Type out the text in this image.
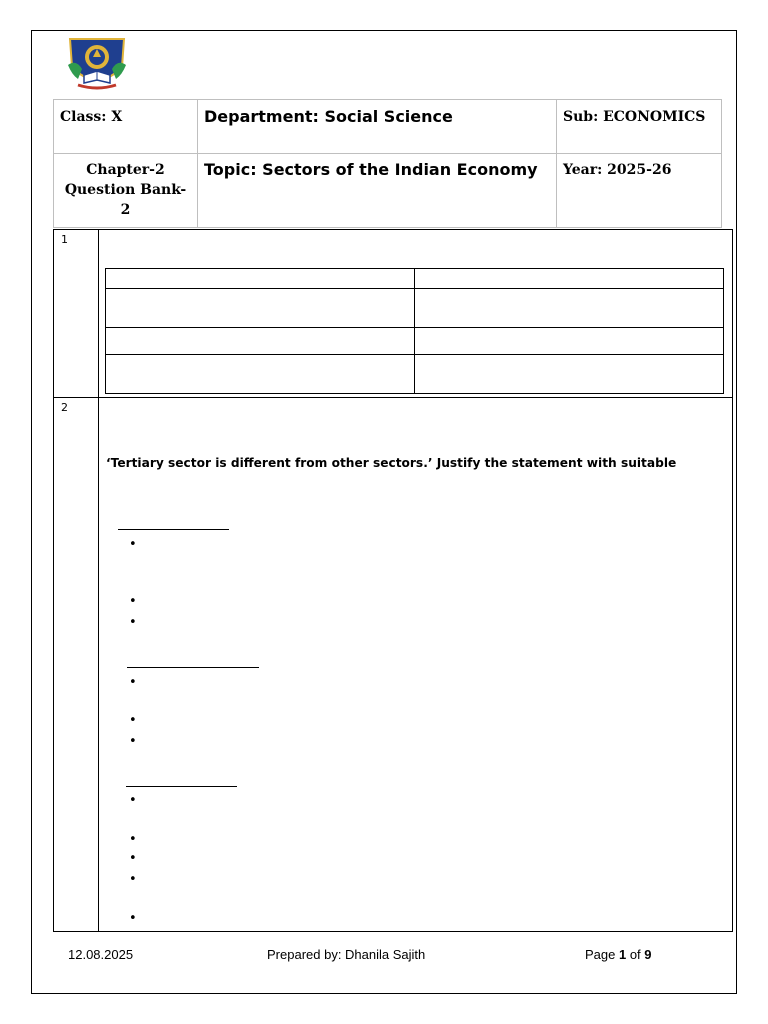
Class: X	Department: Social Science	Sub: ECONOMICS

Chapter-2
Question Bank-2	Topic: Sectors of the Indian Economy	Year: 2025-26
1

2
‘Tertiary sector is different from other sectors.’ Justify the statement with suitable
•
•
•
•
•
•
•
•
•
•
•
12.08.2025	Prepared by: Dhanila Sajith	Page 1 of 9
